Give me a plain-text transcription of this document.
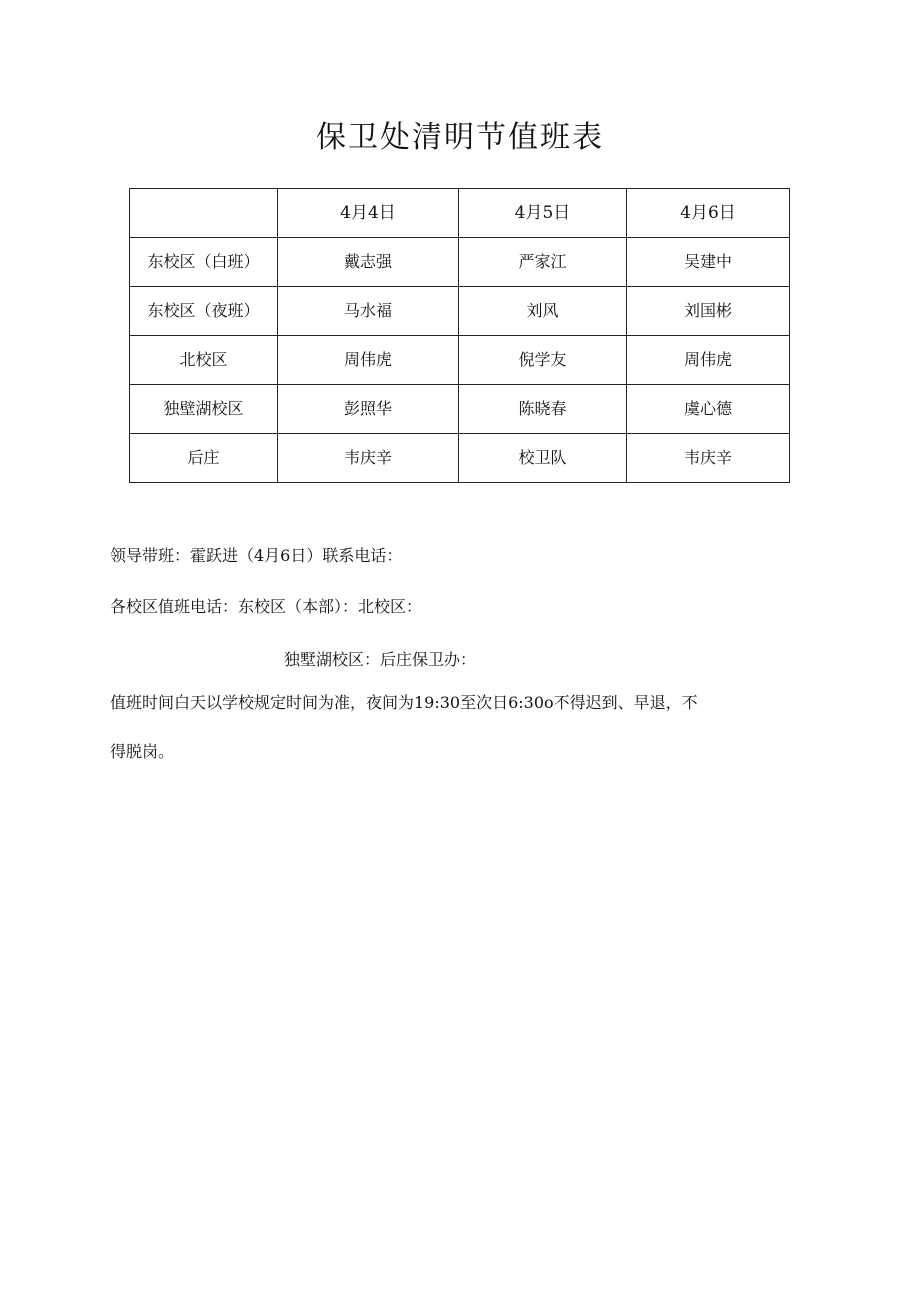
保卫处清明节值班表
	4月4日	4月5日	4月6日
东校区（白班）	戴志强	严家江	吴建中
东校区（夜班）	马水福	刘风	刘国彬
北校区	周伟虎	倪学友	周伟虎
独壁湖校区	彭照华	陈晓春	虞心德
后庄	韦庆辛	校卫队	韦庆辛
领导带班：霍跃进（4月6日）联系电话：
各校区值班电话：东校区（本部）：北校区：
独墅湖校区：后庄保卫办：
值班时间白天以学校规定时间为准，夜间为19:30至次日6:30o不得迟到、早退，不
得脱岗。
